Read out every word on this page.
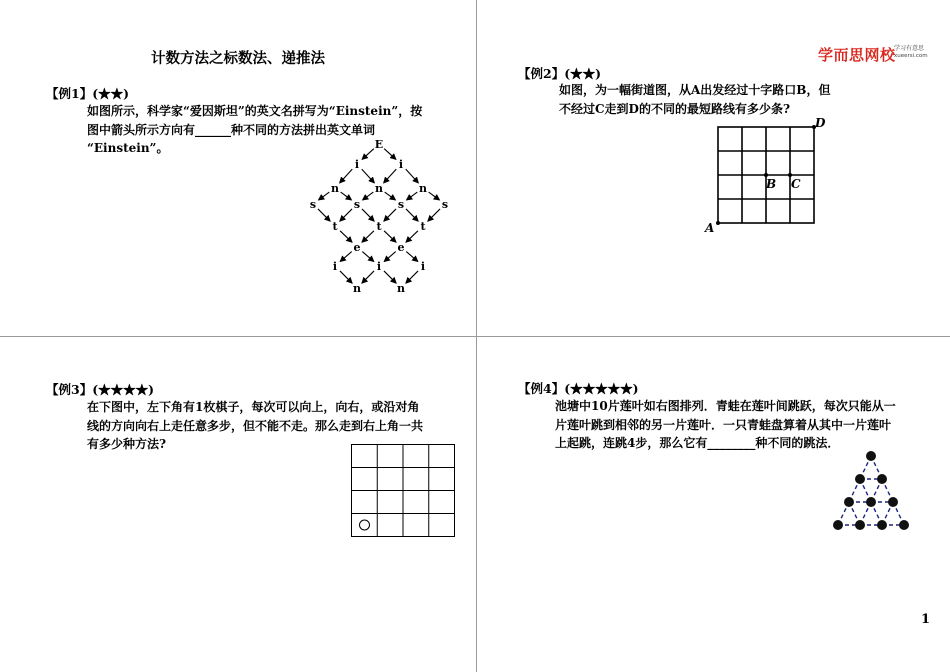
计数方法之标数法、递推法
【例1】(★★)
如图所示，科学家“爱因斯坦”的英文名拼写为“Einstein”，按
图中箭头所示方向有______种不同的方法拼出英文单词
“Einstein”。	E
i	i
n	n	n
s	s	s	s
t	t	t
e	e
i	i	i
n	n
学而思网校
学习有意思
xueersi.com
【例2】(★★)
如图，为一幅街道图，从A出发经过十字路口B，但
不经过C走到D的不同的最短路线有多少条?
A
B C
D
【例3】(★★★★)
在下图中，左下角有1枚棋子，每次可以向上，向右，或沿对角
线的方向向右上走任意多步，但不能不走。那么走到右上角一共
有多少种方法?
【例4】(★★★★★)
池塘中10片莲叶如右图排列．青蛙在莲叶间跳跃，每次只能从一
片莲叶跳到相邻的另一片莲叶．一只青蛙盘算着从其中一片莲叶
上起跳，连跳4步，那么它有________种不同的跳法．
1
